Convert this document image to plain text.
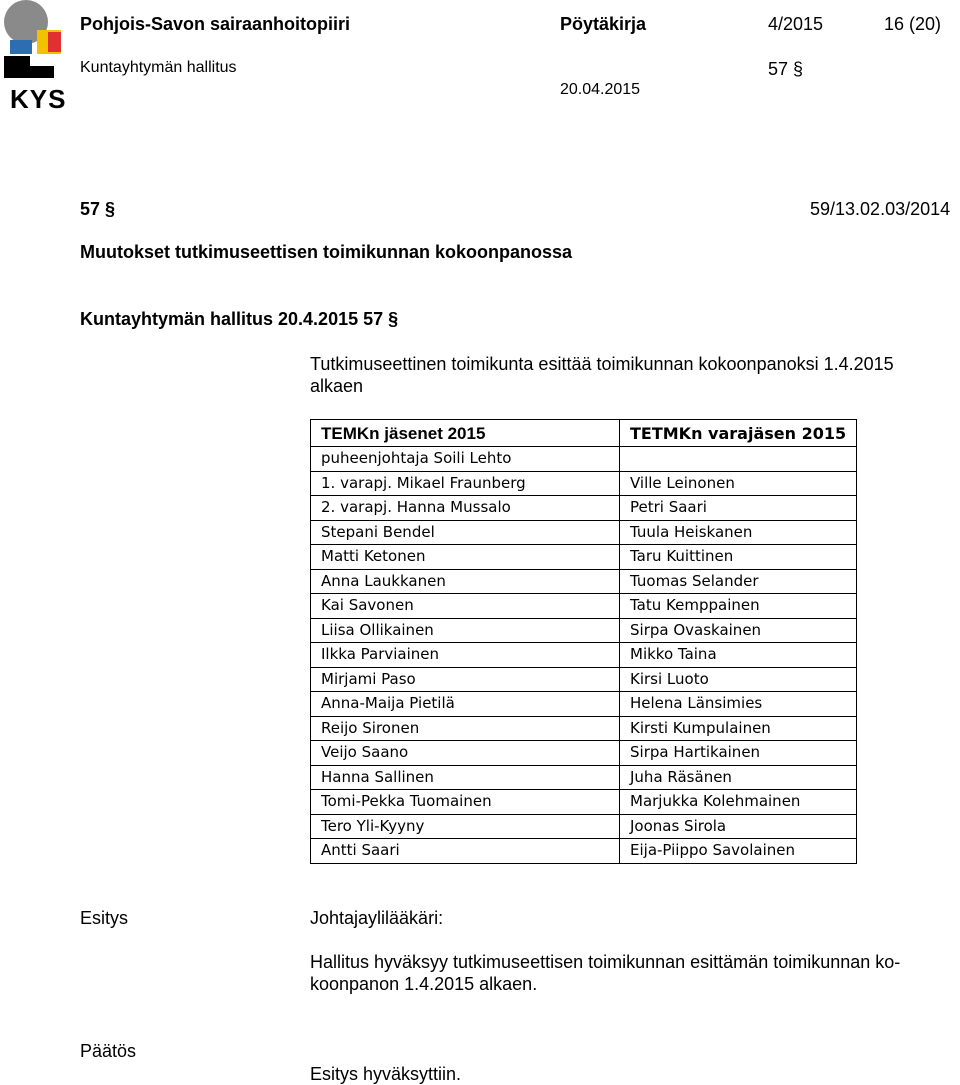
KYS
Pohjois-Savon sairaanhoitopiiri	Pöytäkirja	4/2015	16 (20)
Kuntayhtymän hallitus	57 §
20.04.2015
57 §	59/13.02.03/2014
Muutokset tutkimuseettisen toimikunnan kokoonpanossa
Kuntayhtymän hallitus 20.4.2015 57 §
Tutkimuseettinen toimikunta esittää toimikunnan kokoonpanoksi 1.4.2015
alkaen
TEMKn jäsenet 2015	TETMKn varajäsen 2015
puheenjohtaja Soili Lehto	
1. varapj. Mikael Fraunberg	Ville Leinonen
2. varapj. Hanna Mussalo	Petri Saari
Stepani Bendel	Tuula Heiskanen
Matti Ketonen	Taru Kuittinen
Anna Laukkanen	Tuomas Selander
Kai Savonen	Tatu Kemppainen
Liisa Ollikainen	Sirpa Ovaskainen
Ilkka Parviainen	Mikko Taina
Mirjami Paso	Kirsi Luoto
Anna-Maija Pietilä	Helena Länsimies
Reijo Sironen	Kirsti Kumpulainen
Veijo Saano	Sirpa Hartikainen
Hanna Sallinen	Juha Räsänen
Tomi-Pekka Tuomainen	Marjukka Kolehmainen
Tero Yli-Kyyny	Joonas Sirola
Antti Saari	Eija-Piippo Savolainen
Esitys	Johtajaylilääkäri:
Hallitus hyväksyy tutkimuseettisen toimikunnan esittämän toimikunnan ko-
koonpanon 1.4.2015 alkaen.
Päätös
Esitys hyväksyttiin.
